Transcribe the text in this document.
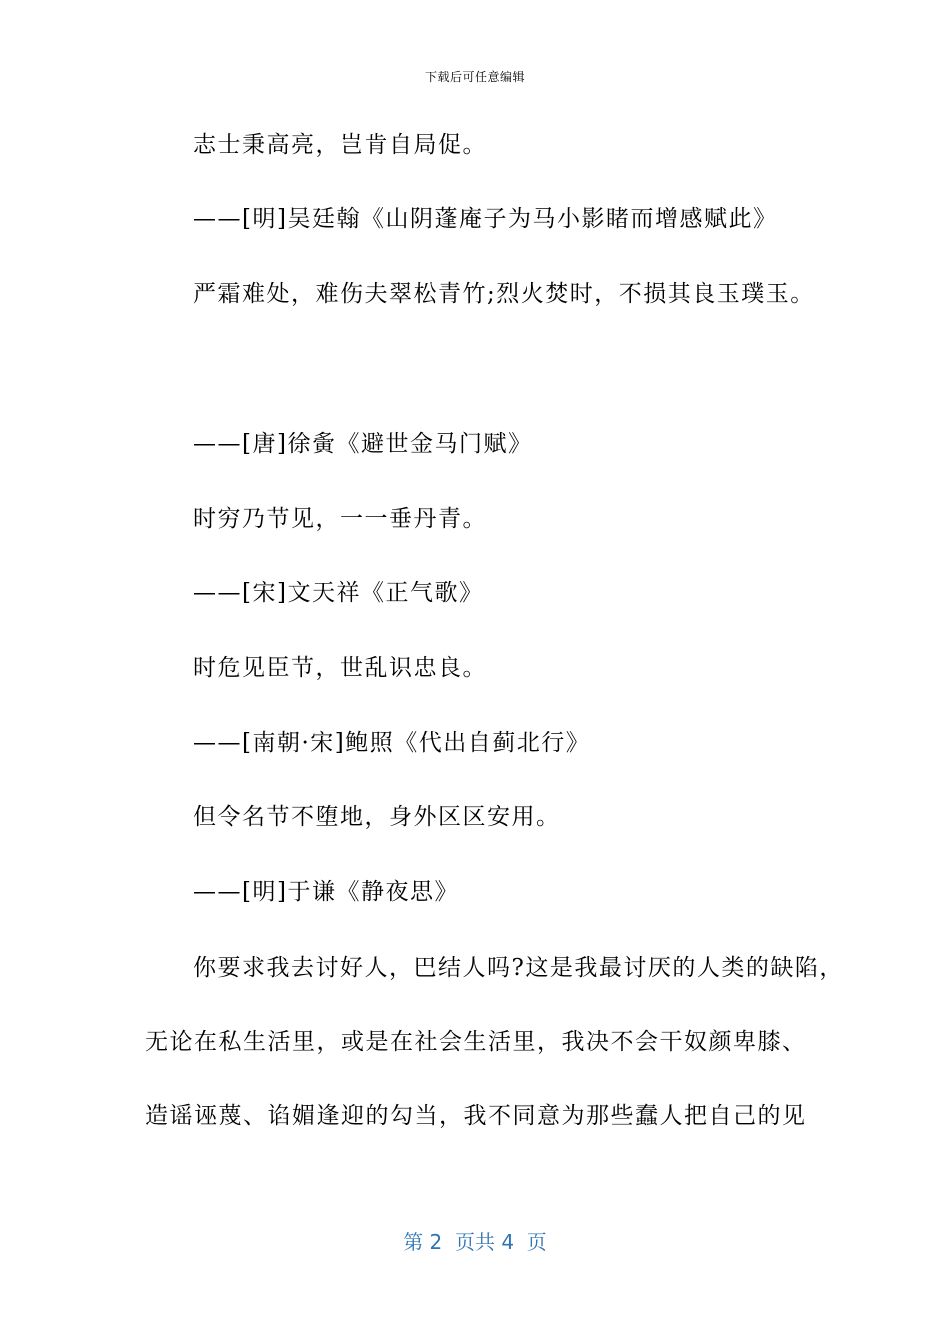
下载后可任意编辑
志士秉高亮，岂肯自局促。
——[明]吴廷翰《山阴蓬庵子为马小影睹而增感赋此》
严霜难处，难伤夫翠松青竹;烈火焚时，不损其良玉璞玉。
——[唐]徐夤《避世金马门赋》
时穷乃节见，一一垂丹青。
——[宋]文天祥《正气歌》
时危见臣节，世乱识忠良。
——[南朝·宋]鲍照《代出自蓟北行》
但令名节不堕地，身外区区安用。
——[明]于谦《静夜思》
你要求我去讨好人，巴结人吗?这是我最讨厌的人类的缺陷，
无论在私生活里，或是在社会生活里，我决不会干奴颜卑膝、
造谣诬蔑、谄媚逢迎的勾当，我不同意为那些蠢人把自己的见
第 2  页共 4  页
